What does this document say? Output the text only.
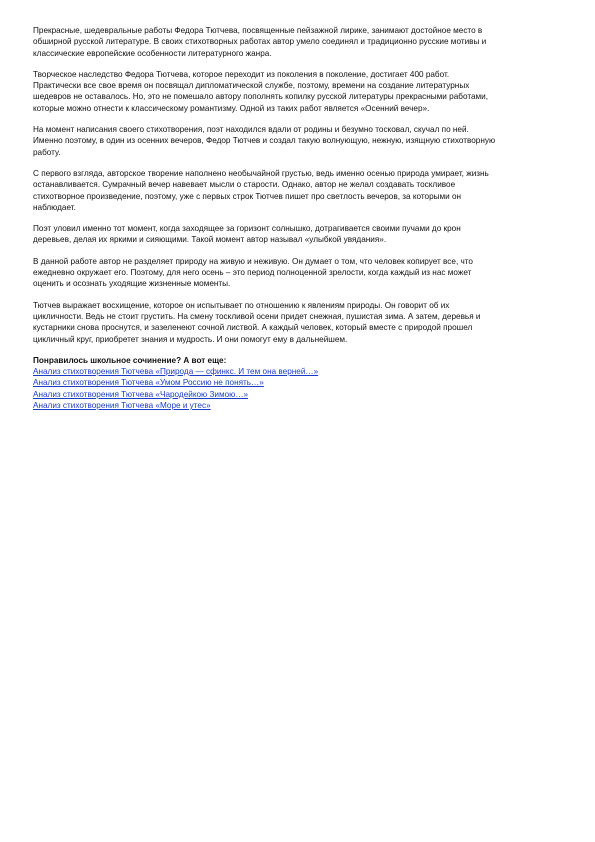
Прекрасные, шедевральные работы Федора Тютчева, посвященные пейзажной лирике, занимают достойное место в
обширной русской литературе. В своих стихотворных работах автор умело соединял и традиционно русские мотивы и
классические европейские особенности литературного жанра.

Творческое наследство Федора Тютчева, которое переходит из поколения в поколение, достигает 400 работ.
Практически все свое время он посвящал дипломатической службе, поэтому, времени на создание литературных
шедевров не оставалось. Но, это не помешало автору пополнять копилку русской литературы прекрасными работами,
которые можно отнести к классическому романтизму. Одной из таких работ является «Осенний вечер».

На момент написания своего стихотворения, поэт находился вдали от родины и безумно тосковал, скучал по ней.
Именно поэтому, в один из осенних вечеров, Федор Тютчев и создал такую волнующую, нежную, изящную стихотворную
работу.

С первого взгляда, авторское творение наполнено необычайной грустью, ведь именно осенью природа умирает, жизнь
останавливается. Сумрачный вечер навевает мысли о старости. Однако, автор не желал создавать тоскливое
стихотворное произведение, поэтому, уже с первых строк Тютчев пишет про светлость вечеров, за которыми он
наблюдает.

Поэт уловил именно тот момент, когда заходящее за горизонт солнышко, дотрагивается своими пучами до крон
деревьев, делая их яркими и сияющими. Такой момент автор называл «улыбкой увядания».

В данной работе автор не разделяет природу на живую и неживую. Он думает о том, что человек копирует все, что
ежедневно окружает его. Поэтому, для него осень – это период полноценной зрелости, когда каждый из нас может
оценить и осознать уходящие жизненные моменты.

Тютчев выражает восхищение, которое он испытывает по отношению к явлениям природы. Он говорит об их
цикличности. Ведь не стоит грустить. На смену тоскливой осени придет снежная, пушистая зима. А затем, деревья и
кустарники снова проснутся, и зазеленеют сочной листвой. А каждый человек, который вместе с природой прошел
цикличный круг, приобретет знания и мудрость. И они помогут ему в дальнейшем.

Понравилось школьное сочинение? А вот еще:

Анализ стихотворения Тютчева «Природа — сфинкс. И тем она верней…»
Анализ стихотворения Тютчева «Умом Россию не понять…»
Анализ стихотворения Тютчева «Чародейкою Зимою…»
Анализ стихотворения Тютчева «Море и утес»
